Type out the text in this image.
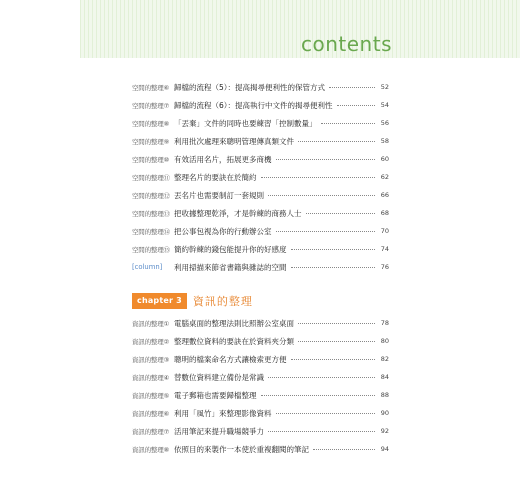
contents
空間的整理⑥ 歸檔的流程（5）：提高揭尋便利性的保管方式	52
空間的整理⑦ 歸檔的流程（6）：提高執行中文件的揭尋便利性	54
空間的整理⑧ 「丟棄」文件的同時也要練習「控制數量」	56
空間的整理⑨ 利用批次處理來聰明管理傳真類文件	58
空間的整理⑩ 有效活用名片，拓展更多商機	60
空間的整理⑪ 整理名片的要訣在於簡約	62
空間的整理⑫ 丟名片也需要制訂一套規則	66
空間的整理⑬ 把收據整理乾淨，才是幹練的商務人士	68
空間的整理⑭ 把公事包視為你的行動辦公室	70
空間的整理⑮ 簡約幹練的錢包能提升你的好感度	74
[column]	利用掃描來節省書籍與雜誌的空間	76
chapter 3	資訊的整理
資訊的整理① 電腦桌面的整理法則比照辦公室桌面	78
資訊的整理② 整理數位資料的要訣在於資料夾分類	80
資訊的整理③ 聰明的檔案命名方式讓檢索更方便	82
資訊的整理④ 替數位資料建立備份是常識	84
資訊的整理⑤ 電子郵箱也需要歸檔整理	88
資訊的整理⑥ 利用「風竹」來整理影像資料	90
資訊的整理⑦ 活用筆記來提升職場競爭力	92
資訊的整理⑧ 依照目的來製作一本使於重複翻閱的筆記	94
